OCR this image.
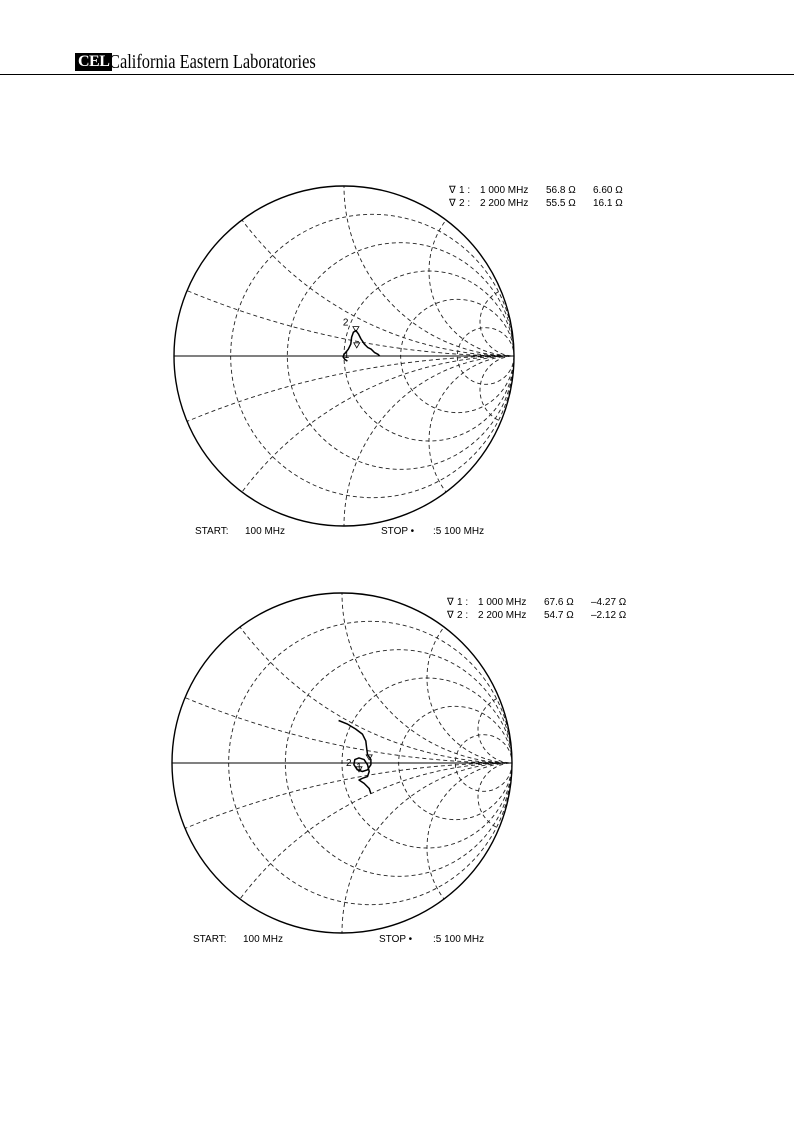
CEL California Eastern Laboratories
1
2
∇ 1 : 1 000 MHz 56.8 Ω 6.60 Ω
∇ 2 : 2 200 MHz 55.5 Ω 16.1 Ω
START: 100 MHz	STOP • :5 100 MHz
1
2
∇ 1 : 1 000 MHz 67.6 Ω –4.27 Ω
∇ 2 : 2 200 MHz 54.7 Ω –2.12 Ω
START: 100 MHz	STOP • :5 100 MHz
